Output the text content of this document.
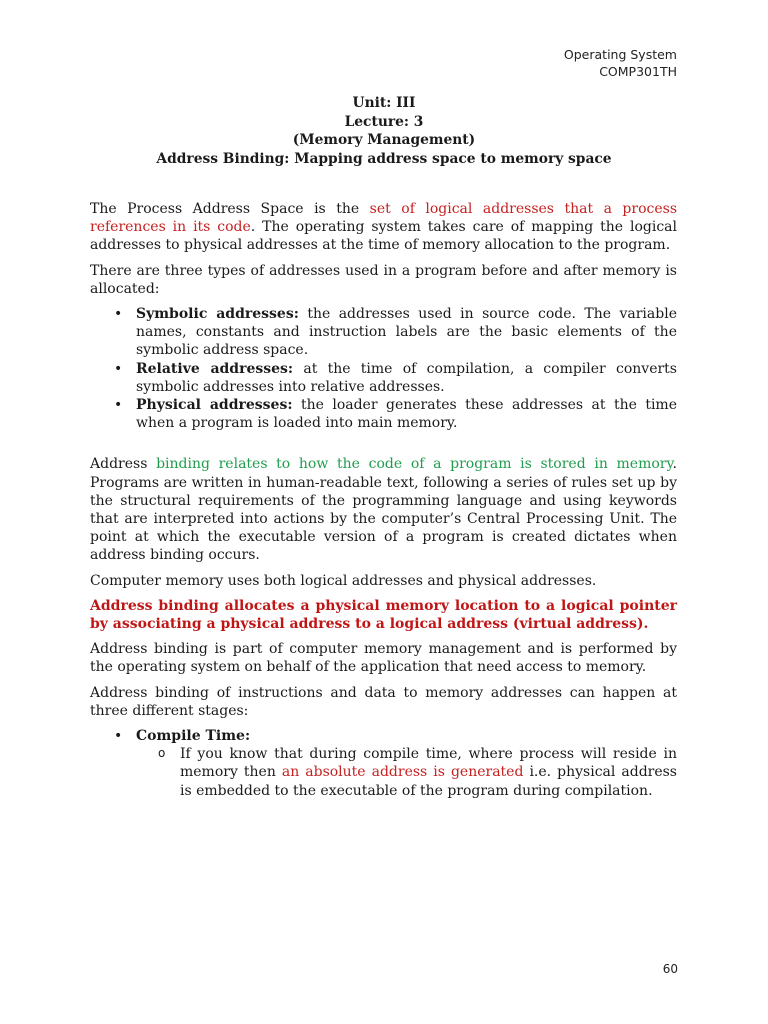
Operating System
COMP301TH
Unit: III
Lecture: 3
(Memory Management)
Address Binding: Mapping address space to memory space

The Process Address Space is the set of logical addresses that a process references in its code. The operating system takes care of mapping the logical addresses to physical addresses at the time of memory allocation to the program.

There are three types of addresses used in a program before and after memory is allocated:

• Symbolic addresses: the addresses used in source code. The variable names, constants and instruction labels are the basic elements of the symbolic address space.
• Relative addresses: at the time of compilation, a compiler converts symbolic addresses into relative addresses.
• Physical addresses: the loader generates these addresses at the time when a program is loaded into main memory.

Address binding relates to how the code of a program is stored in memory. Programs are written in human-readable text, following a series of rules set up by the structural requirements of the programming language and using keywords that are interpreted into actions by the computer’s Central Processing Unit. The point at which the executable version of a program is created dictates when address binding occurs.

Computer memory uses both logical addresses and physical addresses.

Address binding allocates a physical memory location to a logical pointer by associating a physical address to a logical address (virtual address).

Address binding is part of computer memory management and is performed by the operating system on behalf of the application that need access to memory.

Address binding of instructions and data to memory addresses can happen at three different stages:

• Compile Time:
o If you know that during compile time, where process will reside in memory then an absolute address is generated i.e. physical address is embedded to the executable of the program during compilation.
60
